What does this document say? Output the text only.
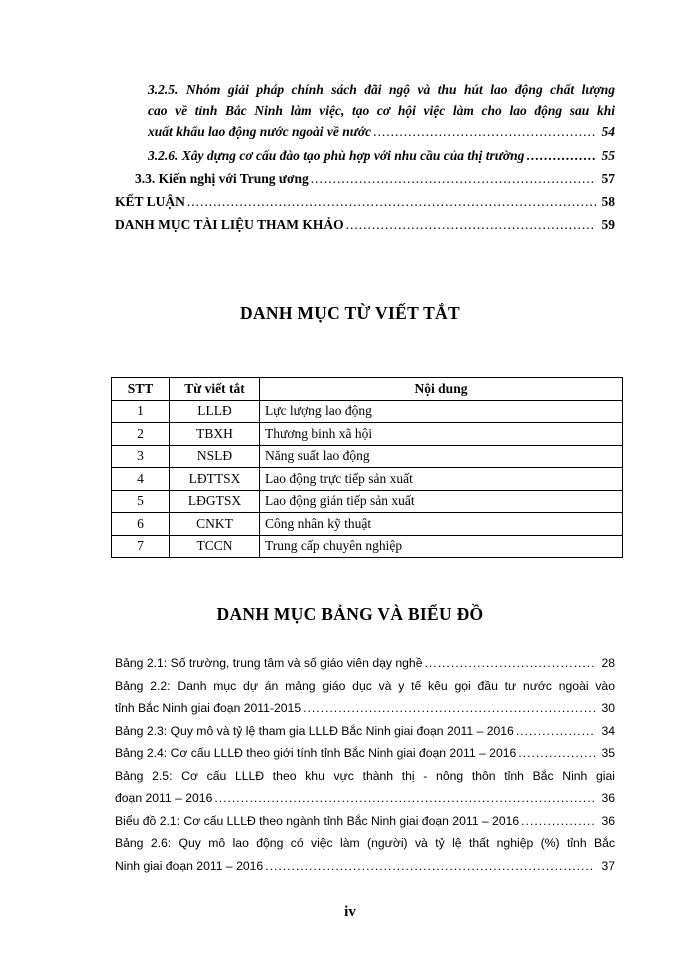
3.2.5. Nhóm giải pháp chính sách đãi ngộ và thu hút lao động chất lượng
cao về tỉnh Bắc Ninh làm việc, tạo cơ hội việc làm cho lao động sau khi
xuất khẩu lao động nước ngoài về nước .....	54
3.2.6. Xây dựng cơ cấu đào tạo phù hợp với nhu cầu của thị trường .....	55
3.3. Kiến nghị với Trung ương .....	57
KẾT LUẬN .....	58
DANH MỤC TÀI LIỆU THAM KHẢO .....	59
DANH MỤC TỪ VIẾT TẮT
STT	Từ viết tắt	Nội dung
1	LLLĐ	Lực lượng lao động
2	TBXH	Thương binh xã hội
3	NSLĐ	Năng suất lao động
4	LĐTTSX	Lao động trực tiếp sản xuất
5	LĐGTSX	Lao động gián tiếp sản xuất
6	CNKT	Công nhân kỹ thuật
7	TCCN	Trung cấp chuyên nghiệp
DANH MỤC BẢNG VÀ BIỂU ĐỒ
Bảng 2.1: Số trường, trung tâm và số giáo viên dạy nghề .....	28
Bảng 2.2: Danh mục dự án mảng giáo dục và y tế kêu gọi đầu tư nước ngoài vào
tỉnh Bắc Ninh giai đoạn 2011-2015 .....	30
Bảng 2.3: Quy mô và tỷ lệ tham gia LLLĐ Bắc Ninh giai đoạn 2011 – 2016 .....	34
Bảng 2.4: Cơ cấu LLLĐ theo giới tính tỉnh Bắc Ninh giai đoạn 2011 – 2016 .....	35
Bảng 2.5: Cơ cấu LLLĐ theo khu vực thành thị - nông thôn tỉnh Bắc Ninh giai
đoạn 2011 – 2016 .....	36
Biểu đồ 2.1: Cơ cấu LLLĐ theo ngành tỉnh Bắc Ninh giai đoạn 2011 – 2016 .....	36
Bảng 2.6: Quy mô lao động có việc làm (người) và tỷ lệ thất nghiệp (%) tỉnh Bắc
Ninh giai đoạn 2011 – 2016 .....	37
iv
